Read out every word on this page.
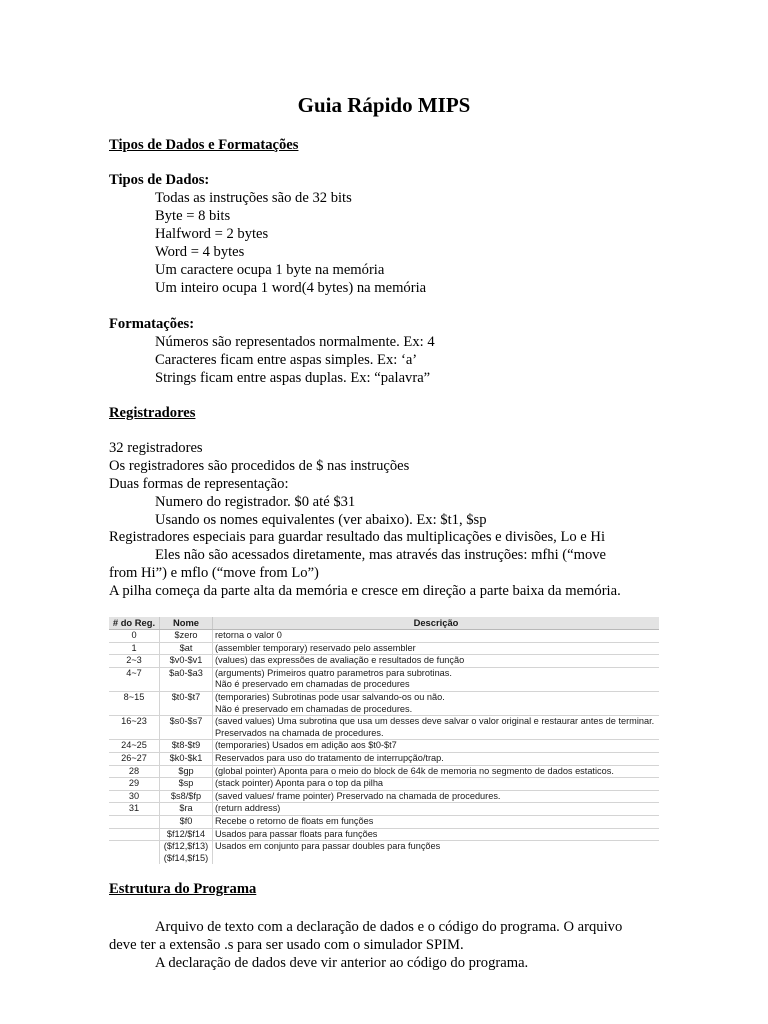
Guia Rápido MIPS
Tipos de Dados e Formatações
Tipos de Dados:
Todas as instruções são de 32 bits
Byte = 8 bits
Halfword = 2 bytes
Word = 4 bytes
Um caractere ocupa 1 byte na memória
Um inteiro ocupa 1 word(4 bytes) na memória
Formatações:
Números são representados normalmente. Ex: 4
Caracteres ficam entre aspas simples. Ex: ‘a’
Strings ficam entre aspas duplas. Ex: “palavra”
Registradores
32 registradores
Os registradores são procedidos de $ nas instruções
Duas formas de representação:
Numero do registrador. $0 até $31
Usando os nomes equivalentes (ver abaixo). Ex: $t1, $sp
Registradores especiais para guardar resultado das multiplicações e divisões, Lo e Hi
Eles não são acessados diretamente, mas através das instruções: mfhi (“move
from Hi”) e mflo (“move from Lo”)
A pilha começa da parte alta da memória e cresce em direção a parte baixa da memória.
# do Reg.	Nome	Descrição
0	$zero	retorna o valor 0

1	$at	(assembler temporary) reservado pelo assembler

2~3	$v0-$v1	(values) das expressões de avaliação e resultados de função

4~7	$a0-$a3	(arguments) Primeiros quatro parametros para subrotinas.
Não é preservado em chamadas de procedures

8~15	$t0-$t7	(temporaries) Subrotinas pode usar salvando-os ou não.
Não é preservado em chamadas de procedures.

16~23	$s0-$s7	(saved values) Uma subrotina que usa um desses deve salvar o valor original e restaurar antes de terminar.
Preservados na chamada de procedures.

24~25	$t8-$t9	(temporaries) Usados em adição aos $t0-$t7

26~27	$k0-$k1	Reservados para uso do tratamento de interrupção/trap.

28	$gp	(global pointer) Aponta para o meio do block de 64k de memoria no segmento de dados estaticos.

29	$sp	(stack pointer) Aponta para o top da pilha

30	$s8/$fp	(saved values/ frame pointer) Preservado na chamada de procedures.

31	$ra	(return address)

	$f0	Recebe o retorno de floats em funções

	$f12/$f14	Usados para passar floats para funções

	($f12,$f13)
($f14,$f15)	Usados em conjunto para passar doubles para funções
Estrutura do Programa
Arquivo de texto com a declaração de dados e o código do programa. O arquivo
deve ter a extensão .s para ser usado com o simulador SPIM.
A declaração de dados deve vir anterior ao código do programa.
